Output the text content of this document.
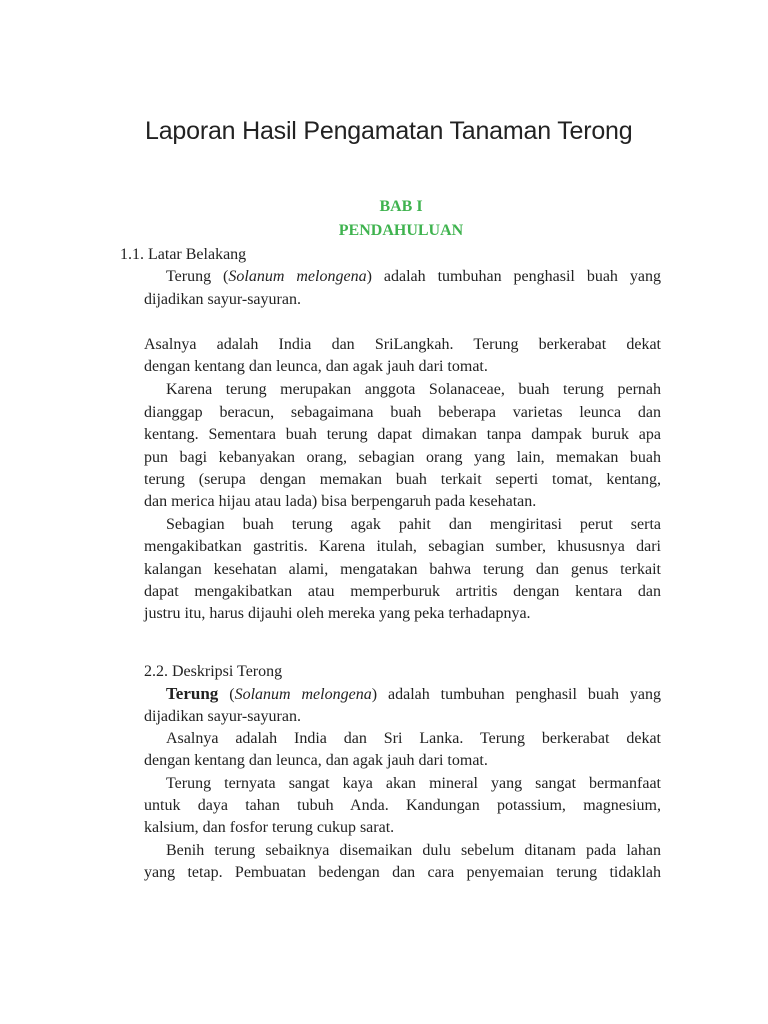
Laporan Hasil Pengamatan Tanaman Terong
BAB I
PENDAHULUAN
1.1. Latar Belakang
Terung (Solanum melongena) adalah tumbuhan penghasil buah yang
dijadikan sayur-sayuran.
Asalnya adalah India dan SriLangkah. Terung berkerabat dekat
dengan kentang dan leunca, dan agak jauh dari tomat.
Karena terung merupakan anggota Solanaceae, buah terung pernah
dianggap beracun, sebagaimana buah beberapa varietas leunca dan
kentang. Sementara buah terung dapat dimakan tanpa dampak buruk apa
pun bagi kebanyakan orang, sebagian orang yang lain, memakan buah
terung (serupa dengan memakan buah terkait seperti tomat, kentang,
dan merica hijau atau lada) bisa berpengaruh pada kesehatan.
Sebagian buah terung agak pahit dan mengiritasi perut serta
mengakibatkan gastritis. Karena itulah, sebagian sumber, khususnya dari
kalangan kesehatan alami, mengatakan bahwa terung dan genus terkait
dapat mengakibatkan atau memperburuk artritis dengan kentara dan
justru itu, harus dijauhi oleh mereka yang peka terhadapnya.
2.2. Deskripsi Terong
Terung (Solanum melongena) adalah tumbuhan penghasil buah yang
dijadikan sayur-sayuran.
Asalnya adalah India dan Sri Lanka. Terung berkerabat dekat
dengan kentang dan leunca, dan agak jauh dari tomat.
Terung ternyata sangat kaya akan mineral yang sangat bermanfaat
untuk daya tahan tubuh Anda. Kandungan potassium, magnesium,
kalsium, dan fosfor terung cukup sarat.
Benih terung sebaiknya disemaikan dulu sebelum ditanam pada lahan
yang tetap. Pembuatan bedengan dan cara penyemaian terung tidaklah
